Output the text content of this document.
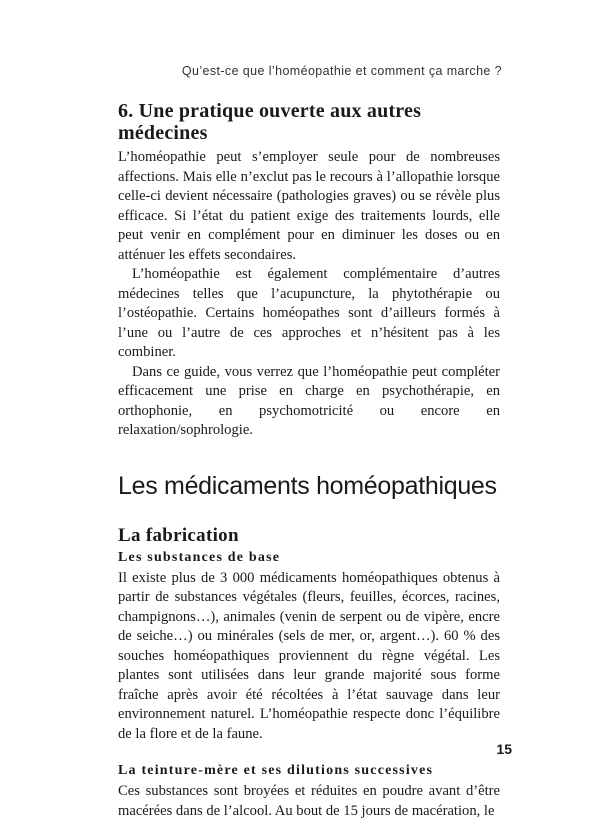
Qu’est-ce que l’homéopathie et comment ça marche ?
6. Une pratique ouverte aux autres médecines

L’homéopathie peut s’employer seule pour de nombreuses affections. Mais elle n’exclut pas le recours à l’allopathie lorsque celle-ci devient nécessaire (pathologies graves) ou se révèle plus efficace. Si l’état du patient exige des traitements lourds, elle peut venir en complément pour en diminuer les doses ou en atténuer les effets secondaires.

L’homéopathie est également complémentaire d’autres médecines telles que l’acupuncture, la phytothérapie ou l’ostéopathie. Certains homéopathes sont d’ailleurs formés à l’une ou l’autre de ces approches et n’hésitent pas à les combiner.

Dans ce guide, vous verrez que l’homéopathie peut compléter efficacement une prise en charge en psychothérapie, en orthophonie, en psychomotricité ou encore en relaxation/sophrologie.

Les médicaments homéopathiques
La fabrication
Les substances de base

Il existe plus de 3 000 médicaments homéopathiques obtenus à partir de substances végétales (fleurs, feuilles, écorces, racines, champignons…), animales (venin de serpent ou de vipère, encre de seiche…) ou minérales (sels de mer, or, argent…). 60 % des souches homéopathiques proviennent du règne végétal. Les plantes sont utilisées dans leur grande majorité sous forme fraîche après avoir été récoltées à l’état sauvage dans leur environnement naturel. L’homéopathie respecte donc l’équilibre de la flore et de la faune.

La teinture-mère et ses dilutions successives

Ces substances sont broyées et réduites en poudre avant d’être macérées dans de l’alcool. Au bout de 15 jours de macération, le

15
